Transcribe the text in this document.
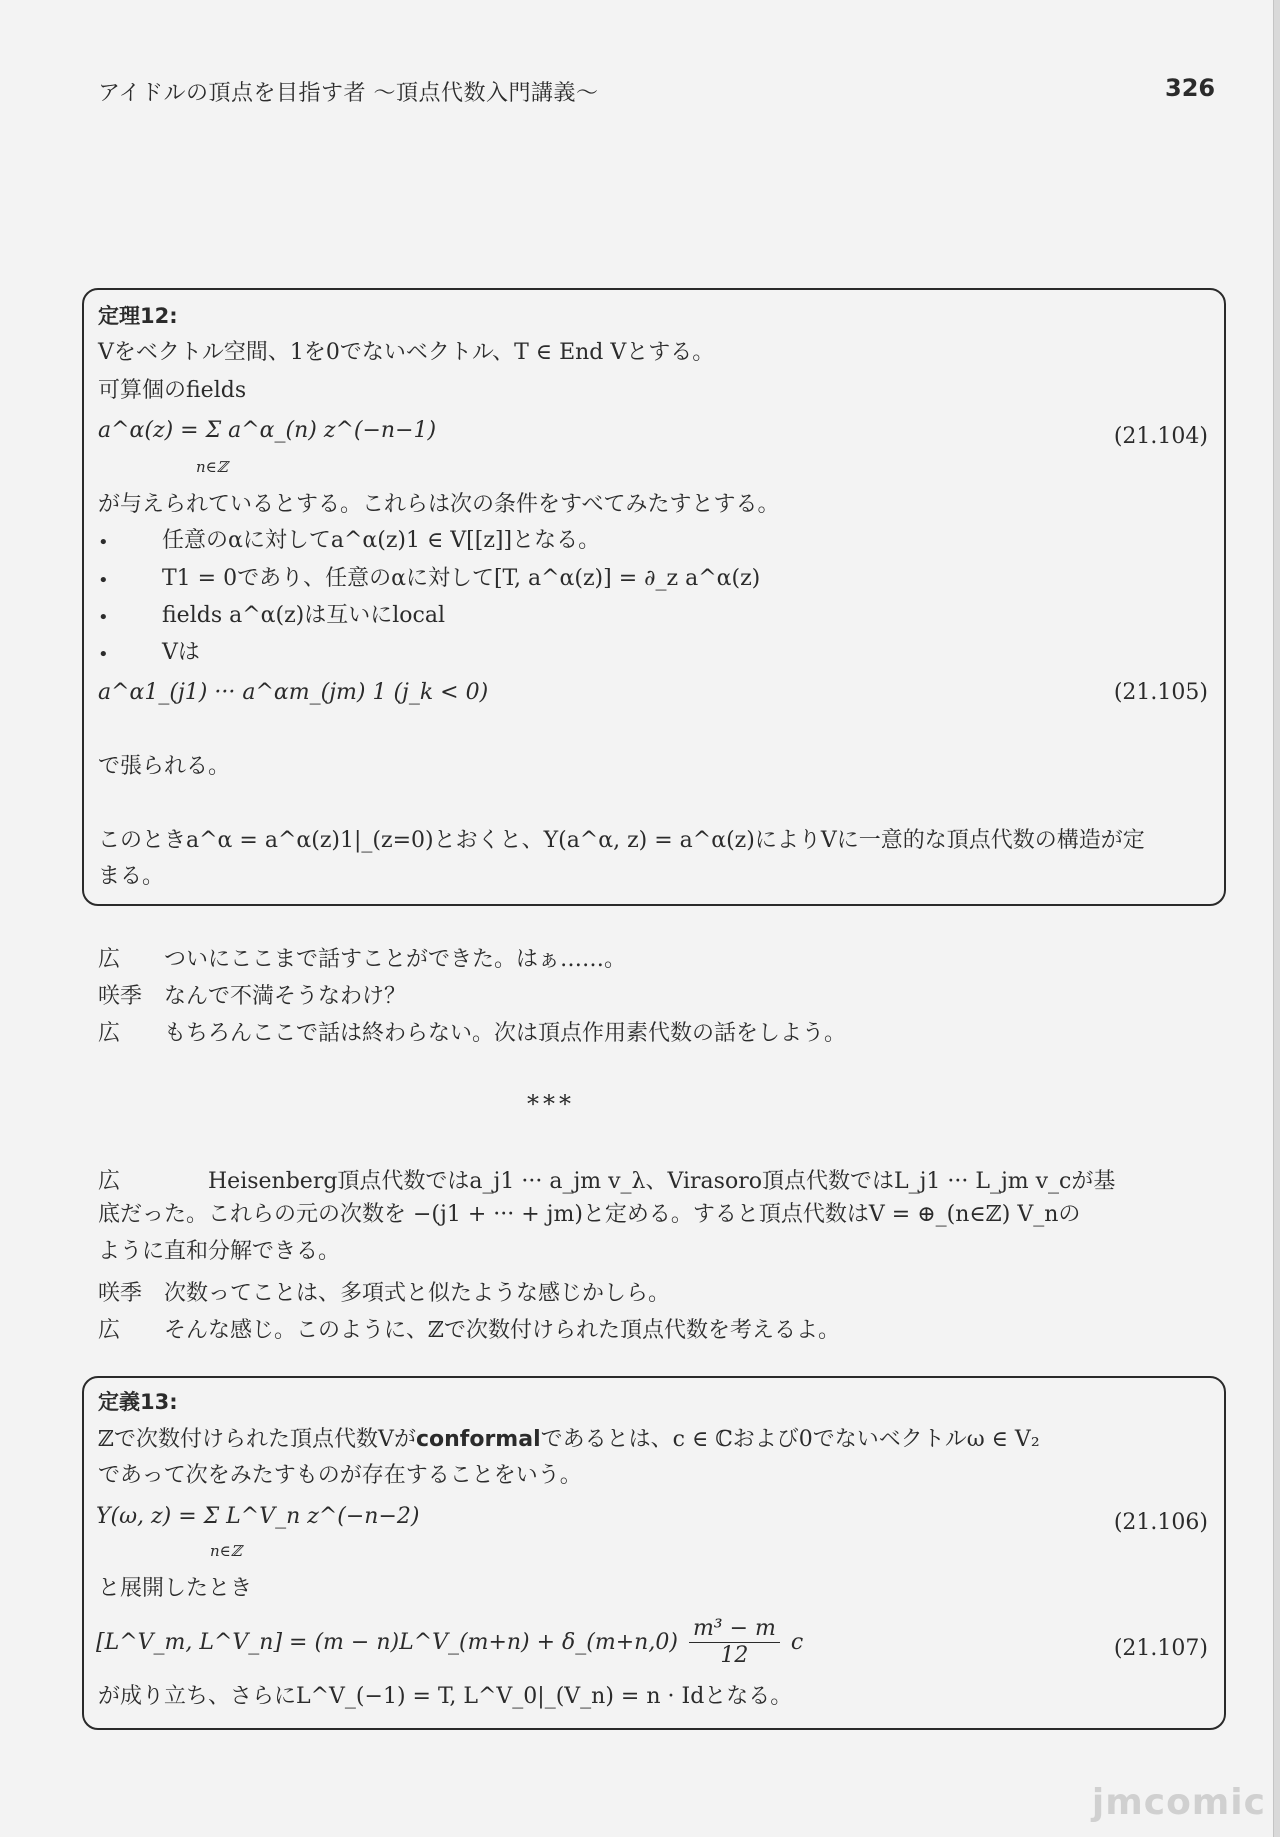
アイドルの頂点を目指す者 〜頂点代数入門講義〜	326
定理12:
Vをベクトル空間、1を0でないベクトル、T ∈ End Vとする。
可算個のfields
a^α(z) = Σ a^α_(n) z^(−n−1)
n∈ℤ
(21.104)
が与えられているとする。これらは次の条件をすべてみたすとする。
• 任意のαに対してa^α(z)1 ∈ V[[z]]となる。
• T1 = 0であり、任意のαに対して[T, a^α(z)] = ∂_z a^α(z)
• fields a^α(z)は互いにlocal
• Vは
a^α1_(j1) ··· a^αm_(jm) 1 (j_k < 0)	(21.105)
で張られる。
このときa^α = a^α(z)1|_(z=0)とおくと、Y(a^α, z) = a^α(z)によりVに一意的な頂点代数の構造が定
まる。
広 ついにここまで話すことができた。はぁ……。
咲季 なんで不満そうなわけ？
広 もちろんここで話は終わらない。次は頂点作用素代数の話をしよう。
***
広 　　Heisenberg頂点代数ではa_j1 ··· a_jm v_λ、Virasoro頂点代数ではL_j1 ··· L_jm v_cが基
底だった。これらの元の次数を −(j1 + ··· + jm)と定める。すると頂点代数はV = ⊕_(n∈ℤ) V_nの
ように直和分解できる。
咲季 次数ってことは、多項式と似たような感じかしら。
広 そんな感じ。このように、ℤで次数付けられた頂点代数を考えるよ。
定義13:
ℤで次数付けられた頂点代数Vがconformalであるとは、c ∈ ℂおよび0でないベクトルω ∈ V₂
であって次をみたすものが存在することをいう。
Y(ω, z) = Σ L^V_n z^(−n−2)
n∈ℤ
(21.106)
と展開したとき
[L^V_m, L^V_n] = (m − n)L^V_(m+n) + δ_(m+n,0) $\frac{\text{m³ − m}}{12}$ c	(21.107)
が成り立ち、さらにL^V_(−1) = T, L^V_0|_(V_n) = n · Idとなる。
jmcomic
